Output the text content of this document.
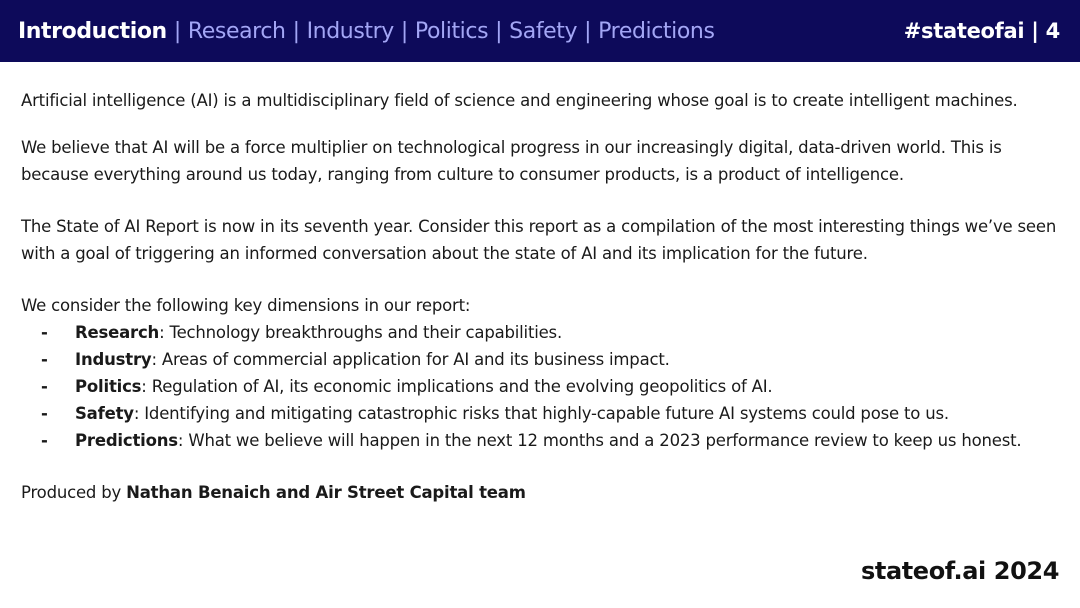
Introduction | Research | Industry | Politics | Safety | Predictions	#stateofai | 4

Artificial intelligence (AI) is a multidisciplinary field of science and engineering whose goal is to create intelligent machines.

We believe that AI will be a force multiplier on technological progress in our increasingly digital, data-driven world. This is because everything around us today, ranging from culture to consumer products, is a product of intelligence.

The State of AI Report is now in its seventh year. Consider this report as a compilation of the most interesting things we’ve seen with a goal of triggering an informed conversation about the state of AI and its implication for the future.

We consider the following key dimensions in our report:

- Research: Technology breakthroughs and their capabilities.
- Industry: Areas of commercial application for AI and its business impact.
- Politics: Regulation of AI, its economic implications and the evolving geopolitics of AI.
- Safety: Identifying and mitigating catastrophic risks that highly-capable future AI systems could pose to us.
- Predictions: What we believe will happen in the next 12 months and a 2023 performance review to keep us honest.

Produced by Nathan Benaich and Air Street Capital team

stateof.ai 2024
